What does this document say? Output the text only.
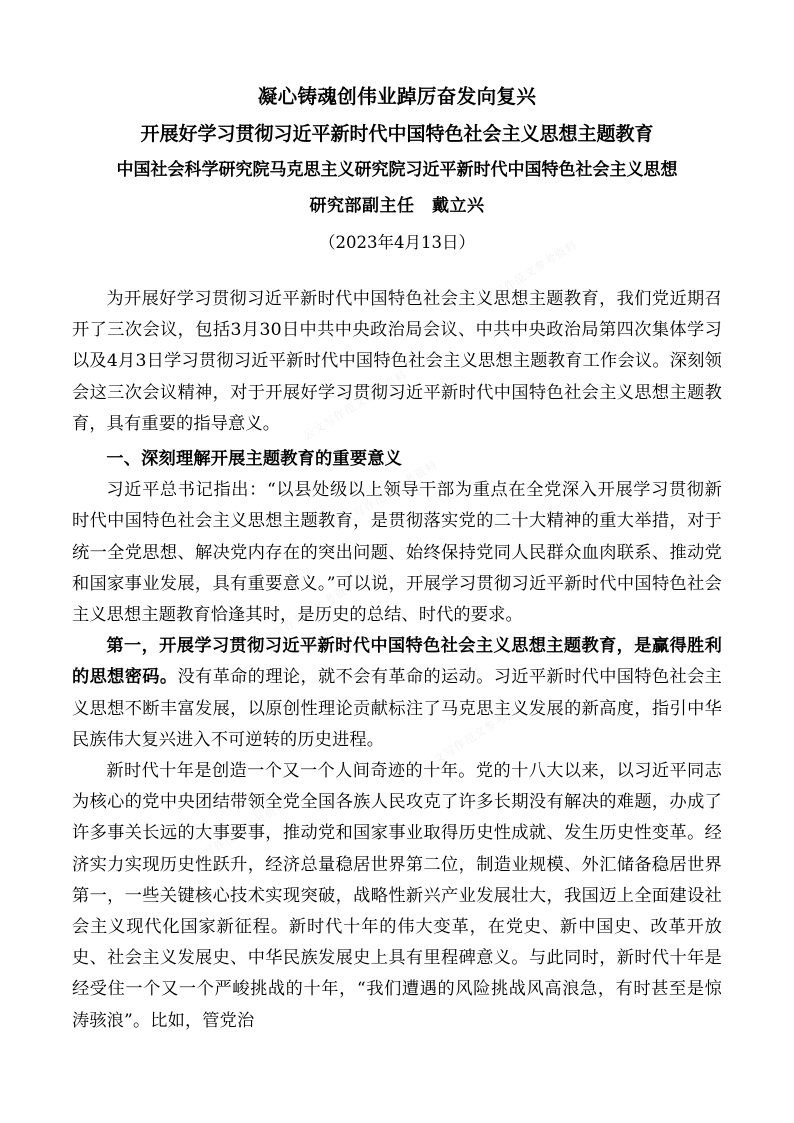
公文写作范文参考资料
公文写作范文参考资料
公文写作范文参考资料
公文写作范文参考资料
公文写作范文参考资料
公文写作范文参考资料
凝心铸魂创伟业踔厉奋发向复兴
开展好学习贯彻习近平新时代中国特色社会主义思想主题教育
中国社会科学研究院马克思主义研究院习近平新时代中国特色社会主义思想
研究部副主任　戴立兴
（2023年4月13日）

为开展好学习贯彻习近平新时代中国特色社会主义思想主题教育，我们党近期召开了三次会议，包括3月30日中共中央政治局会议、中共中央政治局第四次集体学习以及4月3日学习贯彻习近平新时代中国特色社会主义思想主题教育工作会议。深刻领会这三次会议精神，对于开展好学习贯彻习近平新时代中国特色社会主义思想主题教育，具有重要的指导意义。

一、深刻理解开展主题教育的重要意义

习近平总书记指出：“以县处级以上领导干部为重点在全党深入开展学习贯彻新时代中国特色社会主义思想主题教育，是贯彻落实党的二十大精神的重大举措，对于统一全党思想、解决党内存在的突出问题、始终保持党同人民群众血肉联系、推动党和国家事业发展，具有重要意义。”可以说，开展学习贯彻习近平新时代中国特色社会主义思想主题教育恰逢其时，是历史的总结、时代的要求。

第一，开展学习贯彻习近平新时代中国特色社会主义思想主题教育，是赢得胜利的思想密码。没有革命的理论，就不会有革命的运动。习近平新时代中国特色社会主义思想不断丰富发展，以原创性理论贡献标注了马克思主义发展的新高度，指引中华民族伟大复兴进入不可逆转的历史进程。

新时代十年是创造一个又一个人间奇迹的十年。党的十八大以来，以习近平同志为核心的党中央团结带领全党全国各族人民攻克了许多长期没有解决的难题，办成了许多事关长远的大事要事，推动党和国家事业取得历史性成就、发生历史性变革。经济实力实现历史性跃升，经济总量稳居世界第二位，制造业规模、外汇储备稳居世界第一，一些关键核心技术实现突破，战略性新兴产业发展壮大，我国迈上全面建设社会主义现代化国家新征程。新时代十年的伟大变革，在党史、新中国史、改革开放史、社会主义发展史、中华民族发展史上具有里程碑意义。与此同时，新时代十年是经受住一个又一个严峻挑战的十年，“我们遭遇的风险挑战风高浪急，有时甚至是惊涛骇浪”。比如，管党治
